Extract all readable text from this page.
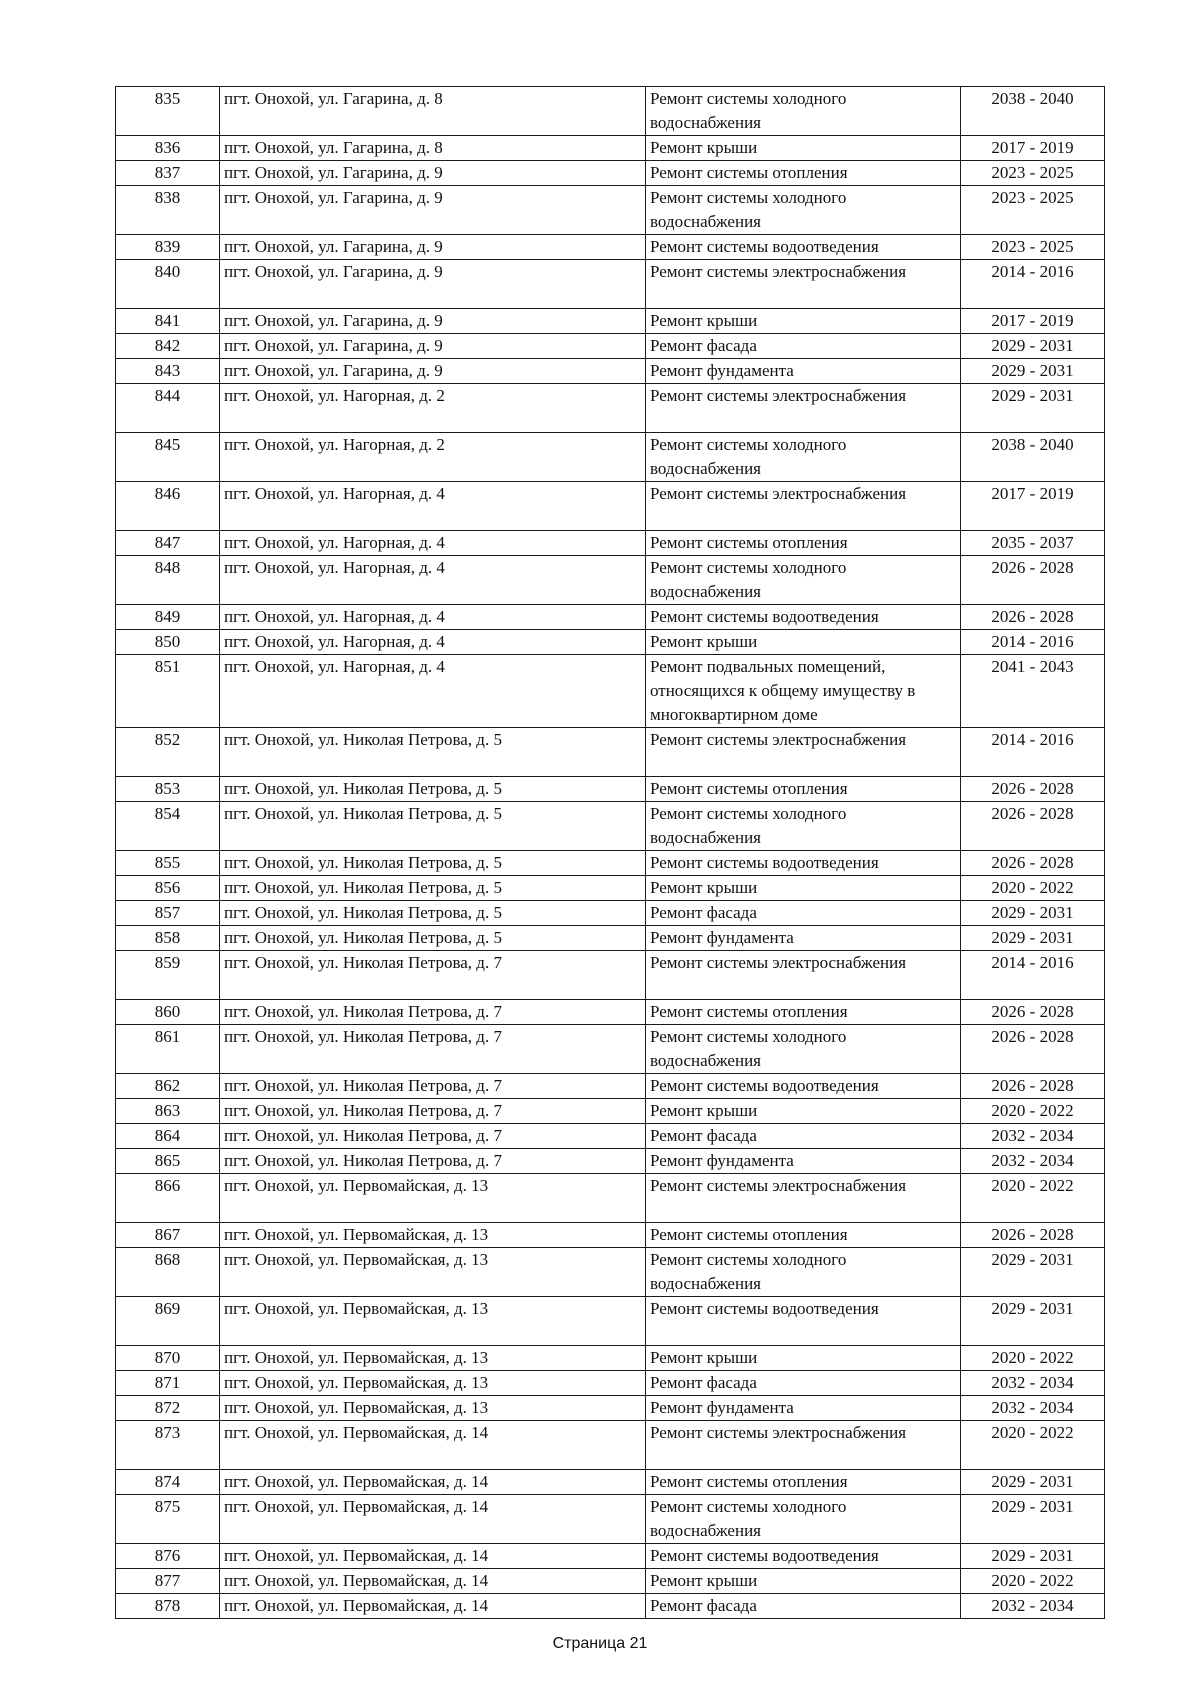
835	пгт. Онохой, ул. Гагарина, д. 8	Ремонт системы холодного водоснабжения	2038 - 2040
836	пгт. Онохой, ул. Гагарина, д. 8	Ремонт крыши	2017 - 2019
837	пгт. Онохой, ул. Гагарина, д. 9	Ремонт системы отопления	2023 - 2025
838	пгт. Онохой, ул. Гагарина, д. 9	Ремонт системы холодного водоснабжения	2023 - 2025
839	пгт. Онохой, ул. Гагарина, д. 9	Ремонт системы водоотведения	2023 - 2025
840	пгт. Онохой, ул. Гагарина, д. 9	Ремонт системы электроснабжения	2014 - 2016
841	пгт. Онохой, ул. Гагарина, д. 9	Ремонт крыши	2017 - 2019
842	пгт. Онохой, ул. Гагарина, д. 9	Ремонт фасада	2029 - 2031
843	пгт. Онохой, ул. Гагарина, д. 9	Ремонт фундамента	2029 - 2031
844	пгт. Онохой, ул. Нагорная, д. 2	Ремонт системы электроснабжения	2029 - 2031
845	пгт. Онохой, ул. Нагорная, д. 2	Ремонт системы холодного водоснабжения	2038 - 2040
846	пгт. Онохой, ул. Нагорная, д. 4	Ремонт системы электроснабжения	2017 - 2019
847	пгт. Онохой, ул. Нагорная, д. 4	Ремонт системы отопления	2035 - 2037
848	пгт. Онохой, ул. Нагорная, д. 4	Ремонт системы холодного водоснабжения	2026 - 2028
849	пгт. Онохой, ул. Нагорная, д. 4	Ремонт системы водоотведения	2026 - 2028
850	пгт. Онохой, ул. Нагорная, д. 4	Ремонт крыши	2014 - 2016
851	пгт. Онохой, ул. Нагорная, д. 4	Ремонт подвальных помещений, относящихся к общему имуществу в многоквартирном доме	2041 - 2043
852	пгт. Онохой, ул. Николая Петрова, д. 5	Ремонт системы электроснабжения	2014 - 2016
853	пгт. Онохой, ул. Николая Петрова, д. 5	Ремонт системы отопления	2026 - 2028
854	пгт. Онохой, ул. Николая Петрова, д. 5	Ремонт системы холодного водоснабжения	2026 - 2028
855	пгт. Онохой, ул. Николая Петрова, д. 5	Ремонт системы водоотведения	2026 - 2028
856	пгт. Онохой, ул. Николая Петрова, д. 5	Ремонт крыши	2020 - 2022
857	пгт. Онохой, ул. Николая Петрова, д. 5	Ремонт фасада	2029 - 2031
858	пгт. Онохой, ул. Николая Петрова, д. 5	Ремонт фундамента	2029 - 2031
859	пгт. Онохой, ул. Николая Петрова, д. 7	Ремонт системы электроснабжения	2014 - 2016
860	пгт. Онохой, ул. Николая Петрова, д. 7	Ремонт системы отопления	2026 - 2028
861	пгт. Онохой, ул. Николая Петрова, д. 7	Ремонт системы холодного водоснабжения	2026 - 2028
862	пгт. Онохой, ул. Николая Петрова, д. 7	Ремонт системы водоотведения	2026 - 2028
863	пгт. Онохой, ул. Николая Петрова, д. 7	Ремонт крыши	2020 - 2022
864	пгт. Онохой, ул. Николая Петрова, д. 7	Ремонт фасада	2032 - 2034
865	пгт. Онохой, ул. Николая Петрова, д. 7	Ремонт фундамента	2032 - 2034
866	пгт. Онохой, ул. Первомайская, д. 13	Ремонт системы электроснабжения	2020 - 2022
867	пгт. Онохой, ул. Первомайская, д. 13	Ремонт системы отопления	2026 - 2028
868	пгт. Онохой, ул. Первомайская, д. 13	Ремонт системы холодного водоснабжения	2029 - 2031
869	пгт. Онохой, ул. Первомайская, д. 13	Ремонт системы водоотведения	2029 - 2031
870	пгт. Онохой, ул. Первомайская, д. 13	Ремонт крыши	2020 - 2022
871	пгт. Онохой, ул. Первомайская, д. 13	Ремонт фасада	2032 - 2034
872	пгт. Онохой, ул. Первомайская, д. 13	Ремонт фундамента	2032 - 2034
873	пгт. Онохой, ул. Первомайская, д. 14	Ремонт системы электроснабжения	2020 - 2022
874	пгт. Онохой, ул. Первомайская, д. 14	Ремонт системы отопления	2029 - 2031
875	пгт. Онохой, ул. Первомайская, д. 14	Ремонт системы холодного водоснабжения	2029 - 2031
876	пгт. Онохой, ул. Первомайская, д. 14	Ремонт системы водоотведения	2029 - 2031
877	пгт. Онохой, ул. Первомайская, д. 14	Ремонт крыши	2020 - 2022
878	пгт. Онохой, ул. Первомайская, д. 14	Ремонт фасада	2032 - 2034
Страница 21
